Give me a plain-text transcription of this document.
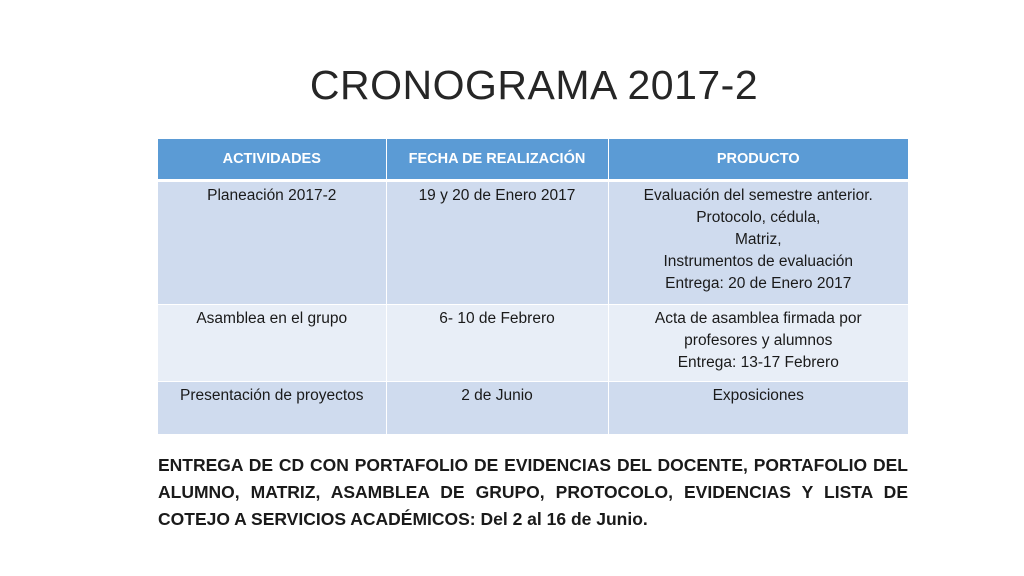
CRONOGRAMA 2017-2
ACTIVIDADES	FECHA DE REALIZACIÓN	PRODUCTO
Planeación 2017-2	19 y 20 de Enero 2017	Evaluación del semestre anterior.
Protocolo, cédula,
Matriz,
Instrumentos de evaluación
Entrega: 20 de Enero 2017

Asamblea en el grupo	6- 10 de Febrero	Acta de asamblea firmada por
profesores y alumnos
Entrega: 13-17 Febrero

Presentación de proyectos	2 de Junio	Exposiciones

ENTREGA DE CD CON PORTAFOLIO DE EVIDENCIAS DEL DOCENTE, PORTAFOLIO DEL ALUMNO, MATRIZ, ASAMBLEA DE GRUPO, PROTOCOLO, EVIDENCIAS Y LISTA DE COTEJO A SERVICIOS ACADÉMICOS: Del 2 al 16 de Junio.
